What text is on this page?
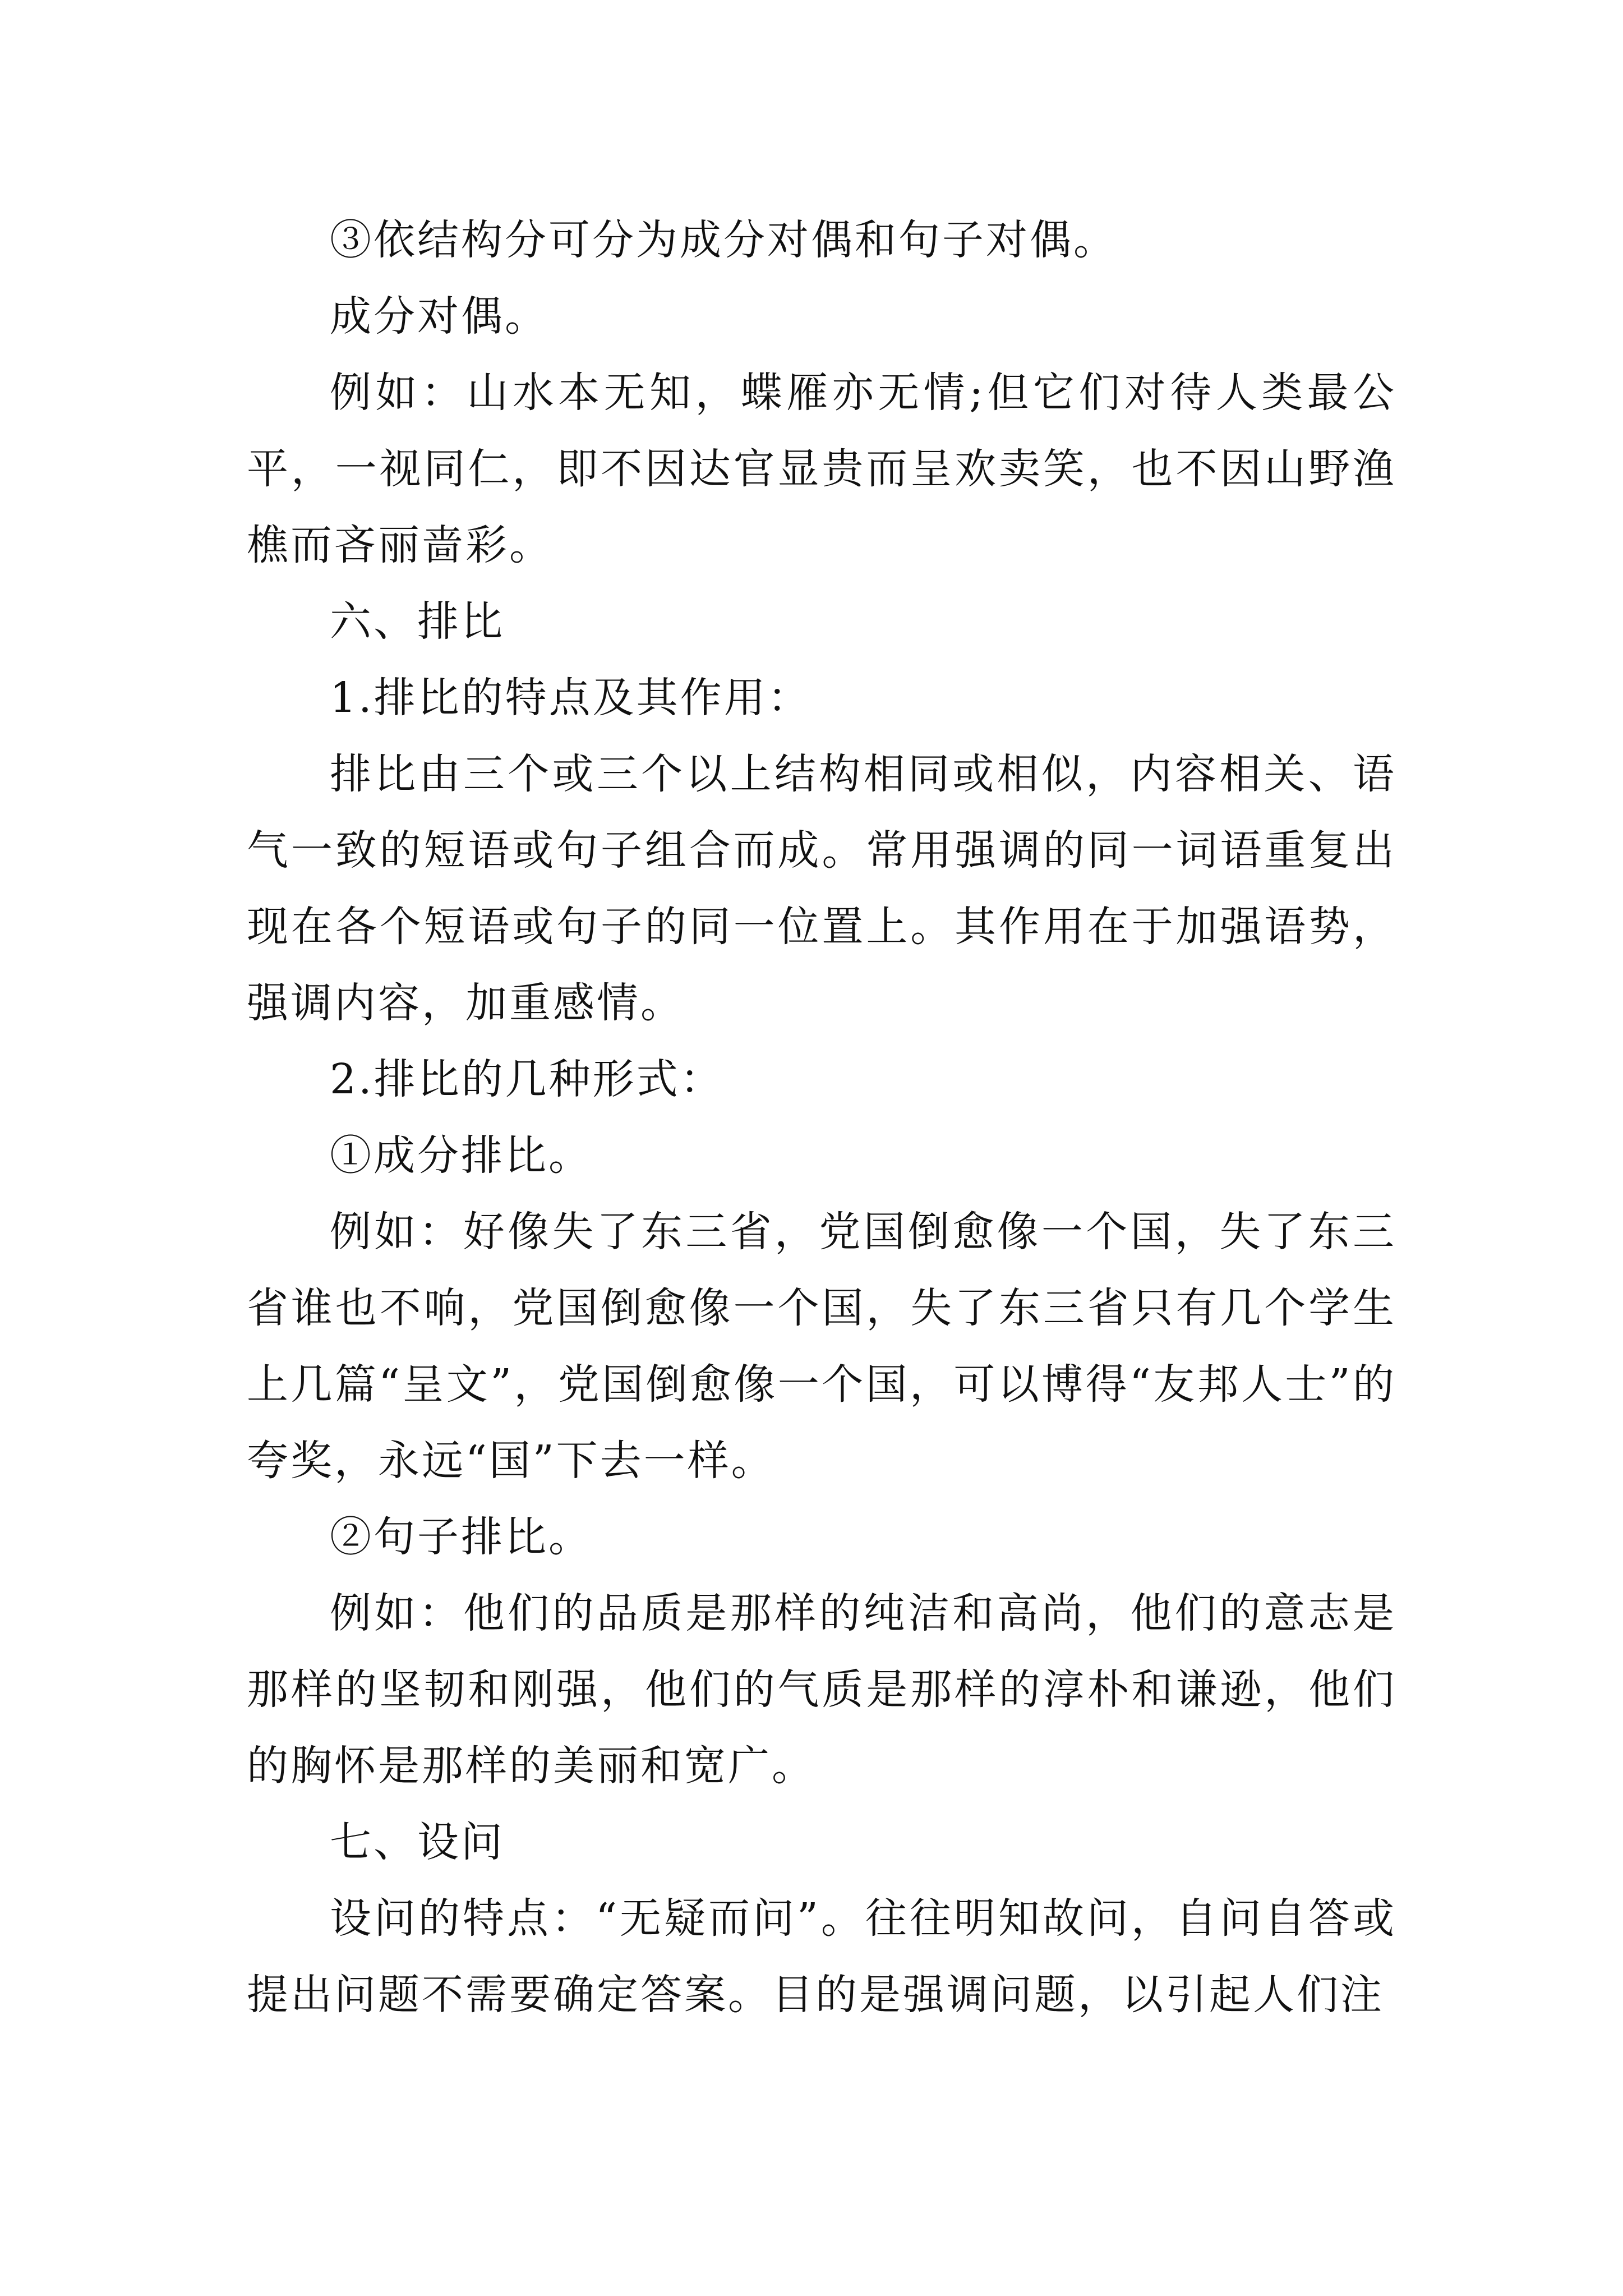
③依结构分可分为成分对偶和句子对偶。

成分对偶。

例如：山水本无知，蝶雁亦无情;但它们对待人类最公平，一视同仁，即不因达官显贵而呈欢卖笑，也不因山野渔樵而吝丽啬彩。

六、排比

1.排比的特点及其作用：

排比由三个或三个以上结构相同或相似，内容相关、语气一致的短语或句子组合而成。常用强调的同一词语重复出现在各个短语或句子的同一位置上。其作用在于加强语势，强调内容，加重感情。

2.排比的几种形式：

①成分排比。

例如：好像失了东三省，党国倒愈像一个国，失了东三省谁也不响，党国倒愈像一个国，失了东三省只有几个学生上几篇“呈文”，党国倒愈像一个国，可以博得“友邦人士”的夸奖，永远“国”下去一样。

②句子排比。

例如：他们的品质是那样的纯洁和高尚，他们的意志是那样的坚韧和刚强，他们的气质是那样的淳朴和谦逊，他们的胸怀是那样的美丽和宽广。

七、设问

设问的特点：“无疑而问”。往往明知故问，自问自答或提出问题不需要确定答案。目的是强调问题，以引起人们注
